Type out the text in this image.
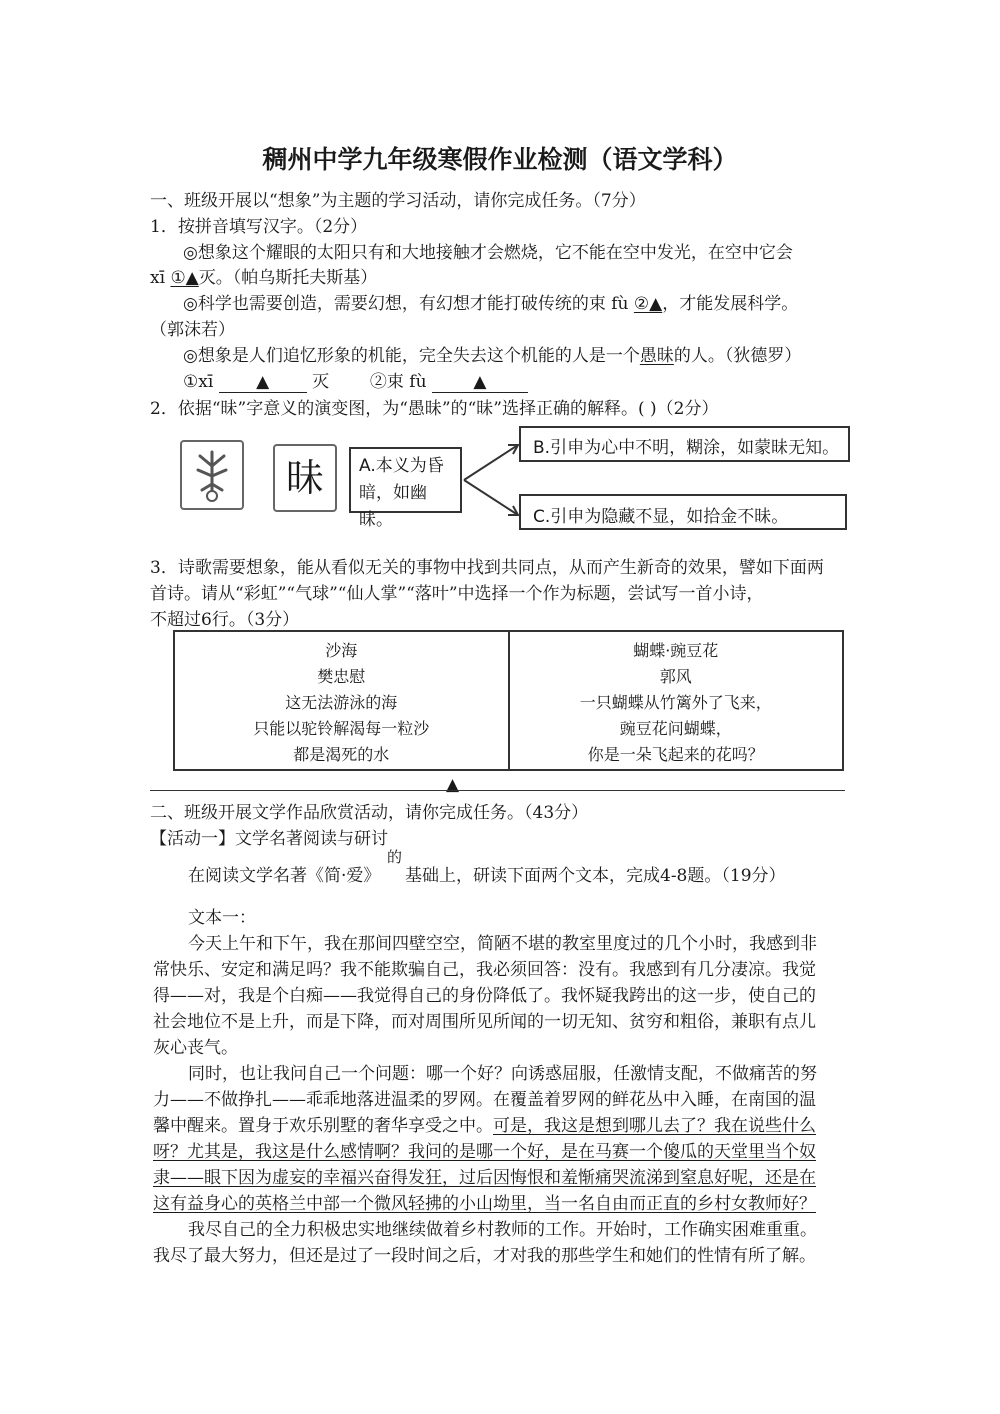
稠州中学九年级寒假作业检测（语文学科）
一、班级开展以“想象”为主题的学习活动，请你完成任务。（7分）
1．按拼音填写汉字。（2分）
◎想象这个耀眼的太阳只有和大地接触才会燃烧，它不能在空中发光，在空中它会
xī ①▲灭。（帕乌斯托夫斯基）
◎科学也需要创造，需要幻想，有幻想才能打破传统的束 fù ②▲，才能发展科学。
（郭沫若）
◎想象是人们追忆形象的机能，完全失去这个机能的人是一个愚昧的人。（狄德罗）
①xī	▲	灭 ②束 fù	▲
2．依据“昧”字意义的演变图，为“愚昧”的“昧”选择正确的解释。( )（2分）
昧	A.本义为昏
暗，如幽昧。
B.引申为心中不明，糊涂，如蒙昧无知。
C.引申为隐藏不显，如拾金不昧。
3．诗歌需要想象，能从看似无关的事物中找到共同点，从而产生新奇的效果，譬如下面两
首诗。请从“彩虹”“气球”“仙人掌”“落叶”中选择一个作为标题，尝试写一首小诗，
不超过6行。（3分）
沙海
樊忠慰
这无法游泳的海
只能以驼铃解渴每一粒沙
都是渴死的水

蝴蝶·豌豆花
郭风
一只蝴蝶从竹篱外了飞来，
豌豆花问蝴蝶，
你是一朵飞起来的花吗？
▲
二、班级开展文学作品欣赏活动，请你完成任务。（43分）
【活动一】文学名著阅读与研讨
的
在阅读文学名著《简·爱》 基础上，研读下面两个文本，完成4-8题。（19分）
文本一：
今天上午和下午，我在那间四壁空空，简陋不堪的教室里度过的几个小时，我感到非
常快乐、安定和满足吗？我不能欺骗自己，我必须回答：没有。我感到有几分凄凉。我觉
得——对，我是个白痴——我觉得自己的身份降低了。我怀疑我跨出的这一步，使自己的
社会地位不是上升，而是下降，而对周围所见所闻的一切无知、贫穷和粗俗，兼职有点儿
灰心丧气。
同时，也让我问自己一个问题：哪一个好？向诱惑屈服，任激情支配，不做痛苦的努
力——不做挣扎——乖乖地落进温柔的罗网。在覆盖着罗网的鲜花丛中入睡，在南国的温
馨中醒来。置身于欢乐别墅的奢华享受之中。可是，我这是想到哪儿去了？我在说些什么
呀？尤其是，我这是什么感情啊？我问的是哪一个好，是在马赛一个傻瓜的天堂里当个奴
隶——眼下因为虚妄的幸福兴奋得发狂，过后因悔恨和羞惭痛哭流涕到窒息好呢，还是在
这有益身心的英格兰中部一个微风轻拂的小山坳里，当一名自由而正直的乡村女教师好？
我尽自己的全力积极忠实地继续做着乡村教师的工作。开始时，工作确实困难重重。
我尽了最大努力，但还是过了一段时间之后，才对我的那些学生和她们的性情有所了解。
